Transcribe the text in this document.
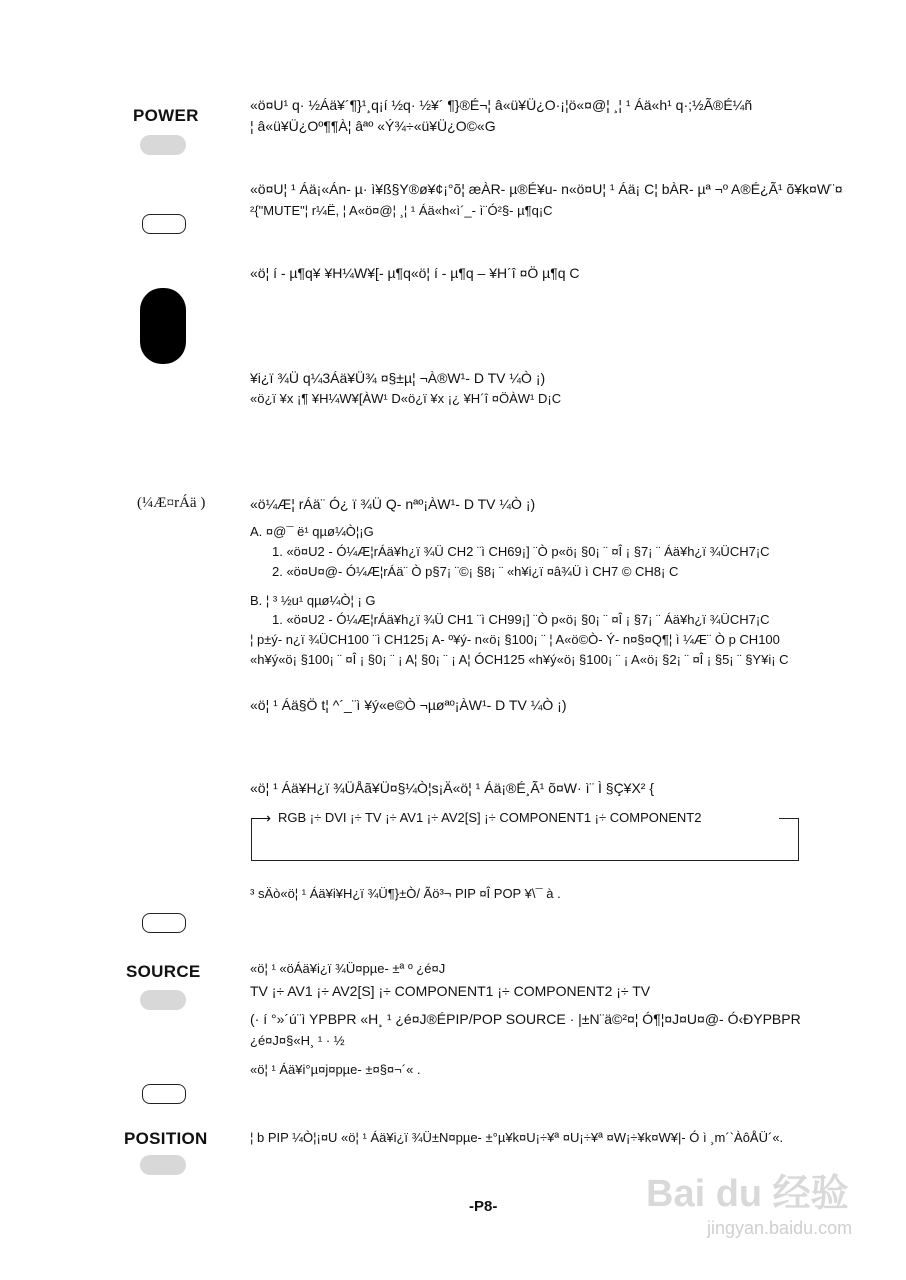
POWER
(¼Æ¤rÁä )
SOURCE
POSITION
«ö¤U¹ q· ½Áä¥´¶}¹¸q¡í ½q· ½¥´ ¶}®É¬¦ â«ü¥Ü¿O·¡¦ö«¤@¦ ¸¦ ¹ Áä«h¹ q·;½Ã®É¼ñ
¦ â«ü¥Ü¿Oº¶¶À¦ âªº «Ý¾÷«ü¥Ü¿O©«G
«ö¤U¦ ¹ Áä¡«Án- µ· ì¥ß§Y®ø¥¢¡°õ¦ æÀR- µ®É¥u- n«ö¤U¦ ¹ Áä¡ C¦ bÀR- µª ¬º A®É¿Ã¹ õ¥k¤W¨¤
²{"MUTE"¦ r¼Ë, ¦ A«ö¤@¦ ¸¦ ¹ Áä«h«ì´_- ì¨Ó²§- µ¶q¡C
«ö¦ í - µ¶q¥ ¥H¼W¥[- µ¶q«ö¦ í - µ¶q – ¥H´î ¤Ö µ¶q C
¥i¿ï ¾Ü q¼3Áä¥Ü¾ ¤§±µ¦ ¬À®W¹- D TV ¼Ò ¡)
«ö¿ï ¥x ¡¶ ¥H¼W¥[ÀW¹ D«ö¿ï ¥x ¡¿ ¥H´î ¤ÖÀW¹ D¡C
«ö¼Æ¦ rÁä¨ Ó¿ ï ¾Ü Q- nªº¡ÀW¹- D TV ¼Ò ¡)
A. ¤@¯ ë¹ qµø¼Ò¦¡G
1. «ö¤U2 - Ó¼Æ¦rÁä¥h¿ï ¾Ü CH2 ¨ì CH69¡] ¨Ò p«ö¡ §0¡ ¨ ¤Î ¡ §7¡ ¨ Áä¥h¿ï ¾ÜCH7¡C
2. «ö¤U¤@- Ó¼Æ¦rÁä¨ Ò p§7¡ ¨©¡ §8¡ ¨ «h¥i¿ï ¤â¾Ü ì CH7 © CH8¡ C
B. ¦ ³ ½u¹ qµø¼Ò¦ ¡ G
1. «ö¤U2 - Ó¼Æ¦rÁä¥h¿ï ¾Ü CH1 ¨ì CH99¡] ¨Ò p«ö¡ §0¡ ¨ ¤Î ¡ §7¡ ¨ Áä¥h¿ï ¾ÜCH7¡C
¦ p±ý- n¿ï ¾ÜCH100 ¨ì CH125¡ A- º¥ý- n«ö¡ §100¡ ¨ ¦ A«ö©Ò- Ý- n¤§¤Q¶¦ ì ¼Æ¨ Ò p CH100
«h¥ý«ö¡ §100¡ ¨ ¤Î ¡ §0¡ ¨ ¡ A¦ §0¡ ¨ ¡ A¦ ÓCH125 «h¥ý«ö¡ §100¡ ¨ ¡ A«ö¡ §2¡ ¨ ¤Î ¡ §5¡ ¨ §Y¥i¡ C
«ö¦ ¹ Áä§Ö t¦ ^´_¨ì ¥ý«e©Ò ¬µøªº¡ÀW¹- D TV ¼Ò ¡)
«ö¦ ¹ Áä¥H¿ï ¾ÜÅã¥Ü¤§¼Ò¦s¡Ä«ö¦ ¹ Áä¡®É¸Ã¹ õ¤W· ì¨ Ì §Ç¥X² {
⟶ RGB ¡÷ DVI ¡÷ TV ¡÷ AV1 ¡÷ AV2[S] ¡÷ COMPONENT1 ¡÷ COMPONENT2
³ sÄò«ö¦ ¹ Áä¥i¥H¿ï ¾Ü¶}±Ò/ Ãö³¬ PIP ¤Î POP ¥\¯ à .
«ö¦ ¹ «öÁä¥i¿ï ¾Ü¤pµe- ±ª º ¿é¤J
TV ¡÷ AV1 ¡÷ AV2[S] ¡÷ COMPONENT1 ¡÷ COMPONENT2 ¡÷ TV
(· í °»´ú¨ì YPBPR «H¸ ¹ ¿é¤J®ÉPIP/POP SOURCE · |±N¨ä©²¤¦ Ó¶¦¤J¤U¤@- Ó‹ÐYPBPR
¿é¤J¤§«H¸ ¹ · ½
«ö¦ ¹ Áä¥i°µ¤j¤pµe- ±¤§¤¬´« .
¦ b PIP ¼Ò¦¡¤U «ö¦ ¹ Áä¥i¿ï ¾Ü±N¤pµe- ±°µ¥k¤U¡÷¥ª ¤U¡÷¥ª ¤W¡÷¥k¤W¥|- Ó ì ¸m´`ÀôÅÜ´«.
-P8-	Bai du 经验
jingyan.baidu.com
